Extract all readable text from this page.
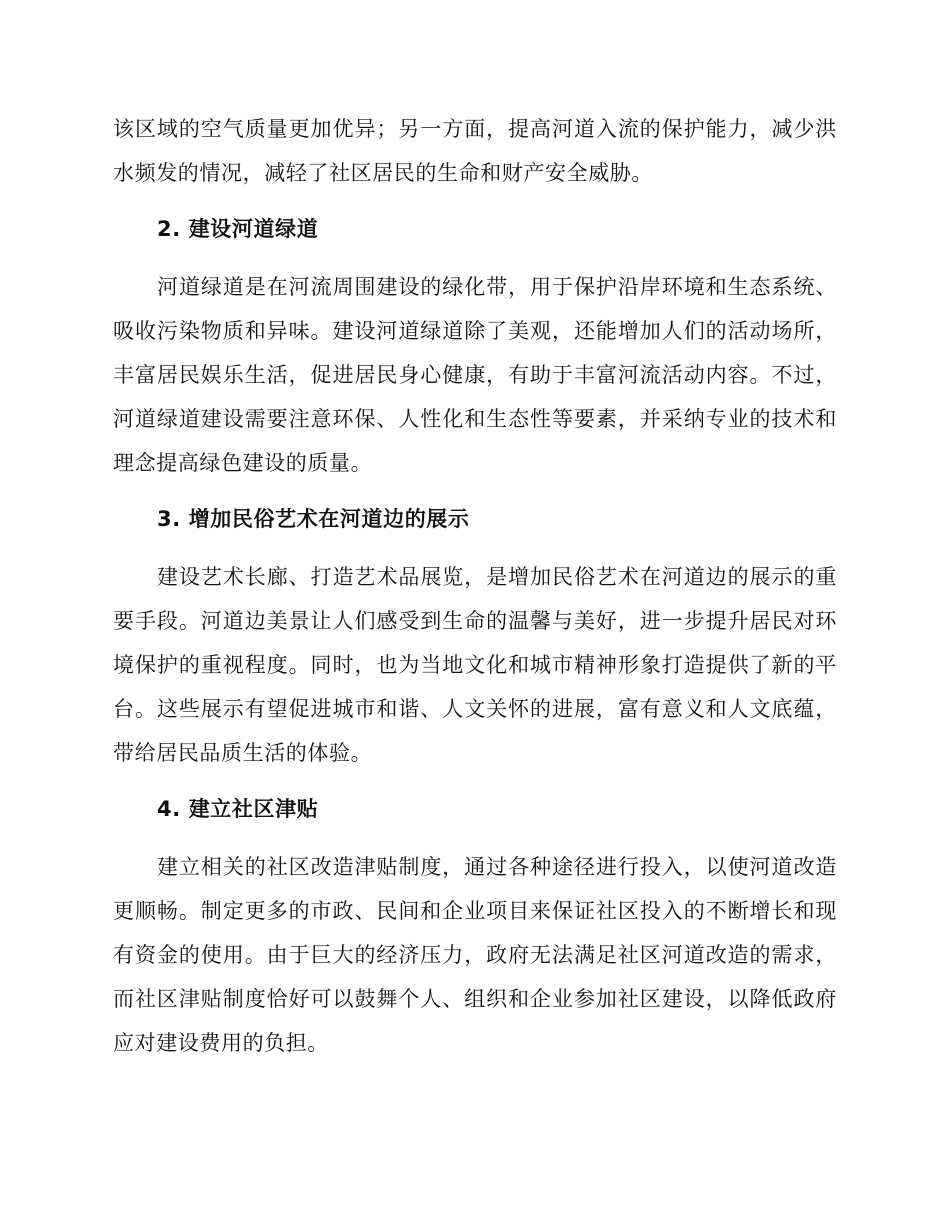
该区域的空气质量更加优异；另一方面，提高河道入流的保护能力，减少洪水频发的情况，减轻了社区居民的生命和财产安全威胁。

2. 建设河道绿道

河道绿道是在河流周围建设的绿化带，用于保护沿岸环境和生态系统、吸收污染物质和异味。建设河道绿道除了美观，还能增加人们的活动场所，丰富居民娱乐生活，促进居民身心健康，有助于丰富河流活动内容。不过，河道绿道建设需要注意环保、人性化和生态性等要素，并采纳专业的技术和理念提高绿色建设的质量。

3. 增加民俗艺术在河道边的展示

建设艺术长廊、打造艺术品展览，是增加民俗艺术在河道边的展示的重要手段。河道边美景让人们感受到生命的温馨与美好，进一步提升居民对环境保护的重视程度。同时，也为当地文化和城市精神形象打造提供了新的平台。这些展示有望促进城市和谐、人文关怀的进展，富有意义和人文底蕴，带给居民品质生活的体验。

4. 建立社区津贴

建立相关的社区改造津贴制度，通过各种途径进行投入，以使河道改造更顺畅。制定更多的市政、民间和企业项目来保证社区投入的不断增长和现有资金的使用。由于巨大的经济压力，政府无法满足社区河道改造的需求，而社区津贴制度恰好可以鼓舞个人、组织和企业参加社区建设，以降低政府应对建设费用的负担。
